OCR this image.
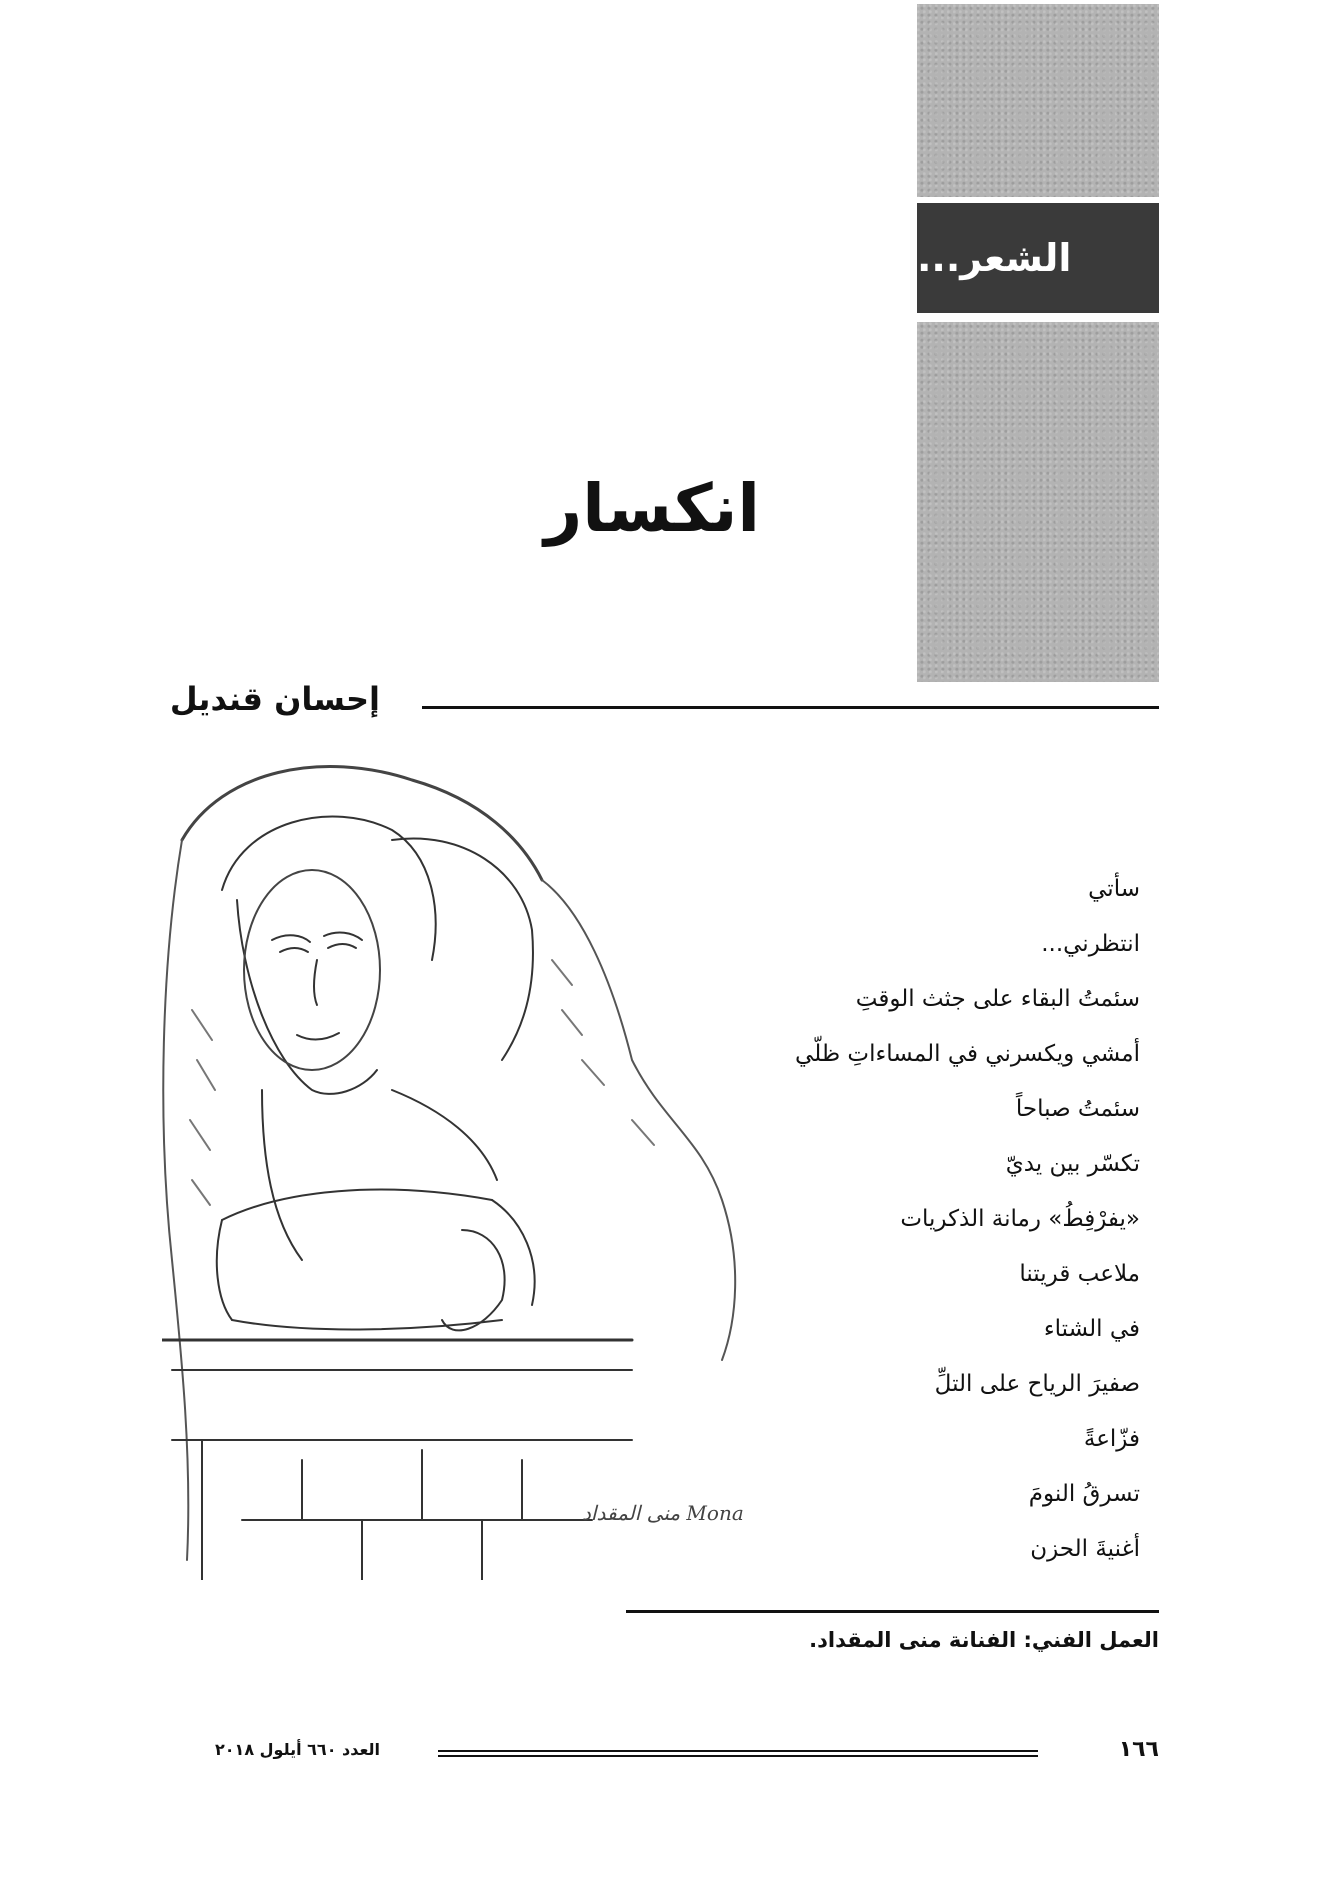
الشعر...
انكسار
إحسان قنديل
منى المقداد Mona
سأتي
انتظرني...
سئمتُ البقاء على جثث الوقتِ
أمشي ويكسرني في المساءاتِ ظلّي
سئمتُ صباحاً
تكسّر بين يديّ
«يفرْفِطُ» رمانة الذكريات
ملاعب قريتنا
في الشتاء
صفيرَ الرياح على التلِّ
فزّاعةً
تسرقُ النومَ
أغنيةَ الحزن
العمل الفني: الفنانة منى المقداد.
١٦٦
العدد ٦٦٠ أيلول ٢٠١٨
